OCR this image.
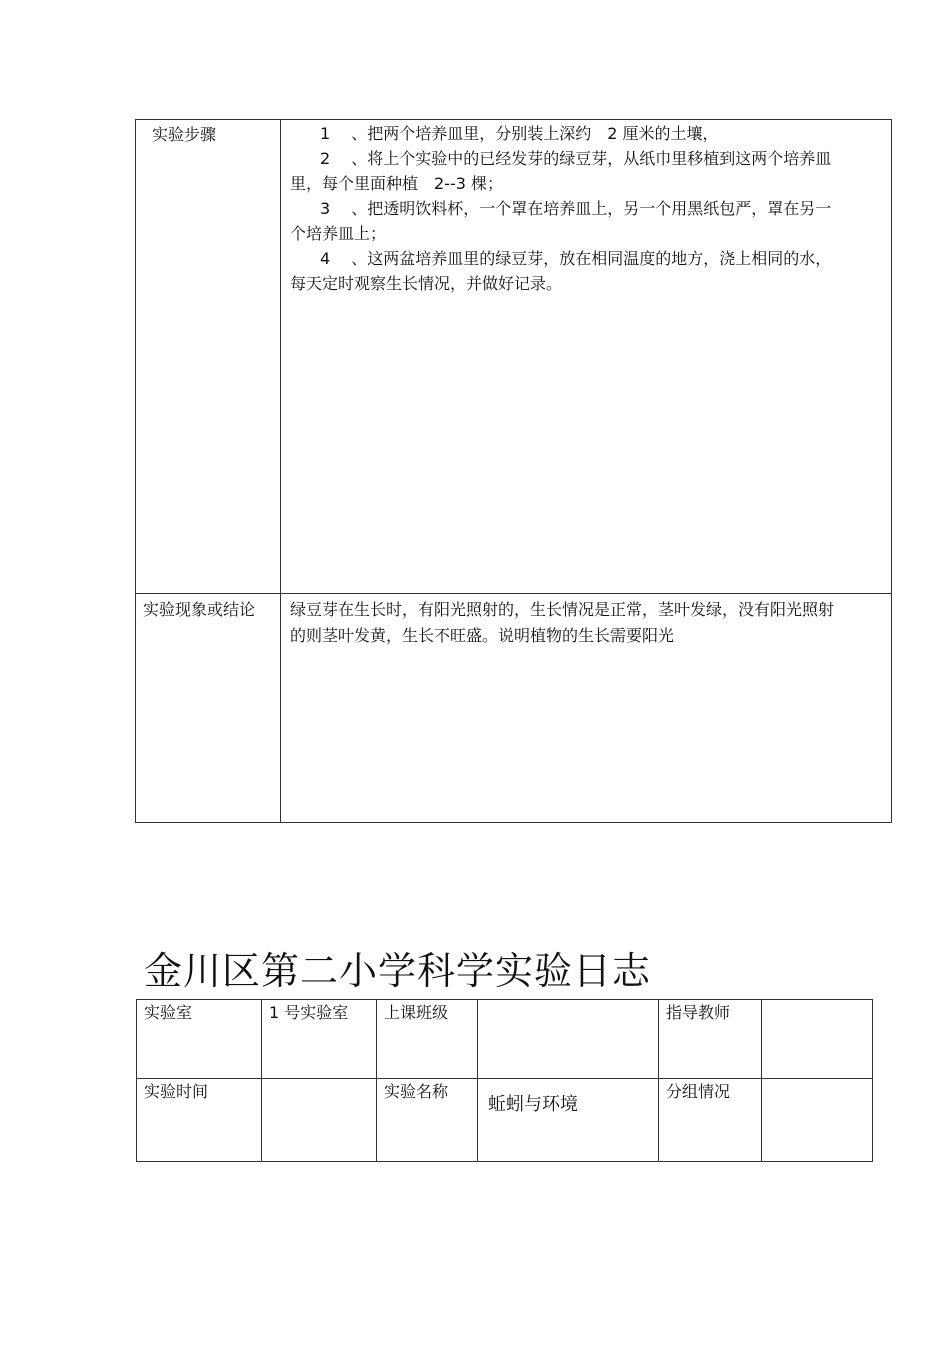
实验步骤	1　 、把两个培养皿里，分别装上深约　2 厘米的土壤，

2　 、将上个实验中的已经发芽的绿豆芽，从纸巾里移植到这两个培养皿里，每个里面种植　2--3 棵；

3　 、把透明饮料杯，一个罩在培养皿上，另一个用黑纸包严，罩在另一个培养皿上；

4　 、这两盆培养皿里的绿豆芽，放在相同温度的地方，浇上相同的水，每天定时观察生长情况，并做好记录。

实验现象或结论	绿豆芽在生长时，有阳光照射的，生长情况是正常，茎叶发绿，没有阳光照射的则茎叶发黄，生长不旺盛。说明植物的生长需要阳光
金川区第二小学科学实验日志
实验室	1 号实验室	上课班级		指导教师	
实验时间		实验名称	蚯蚓与环境	分组情况	
